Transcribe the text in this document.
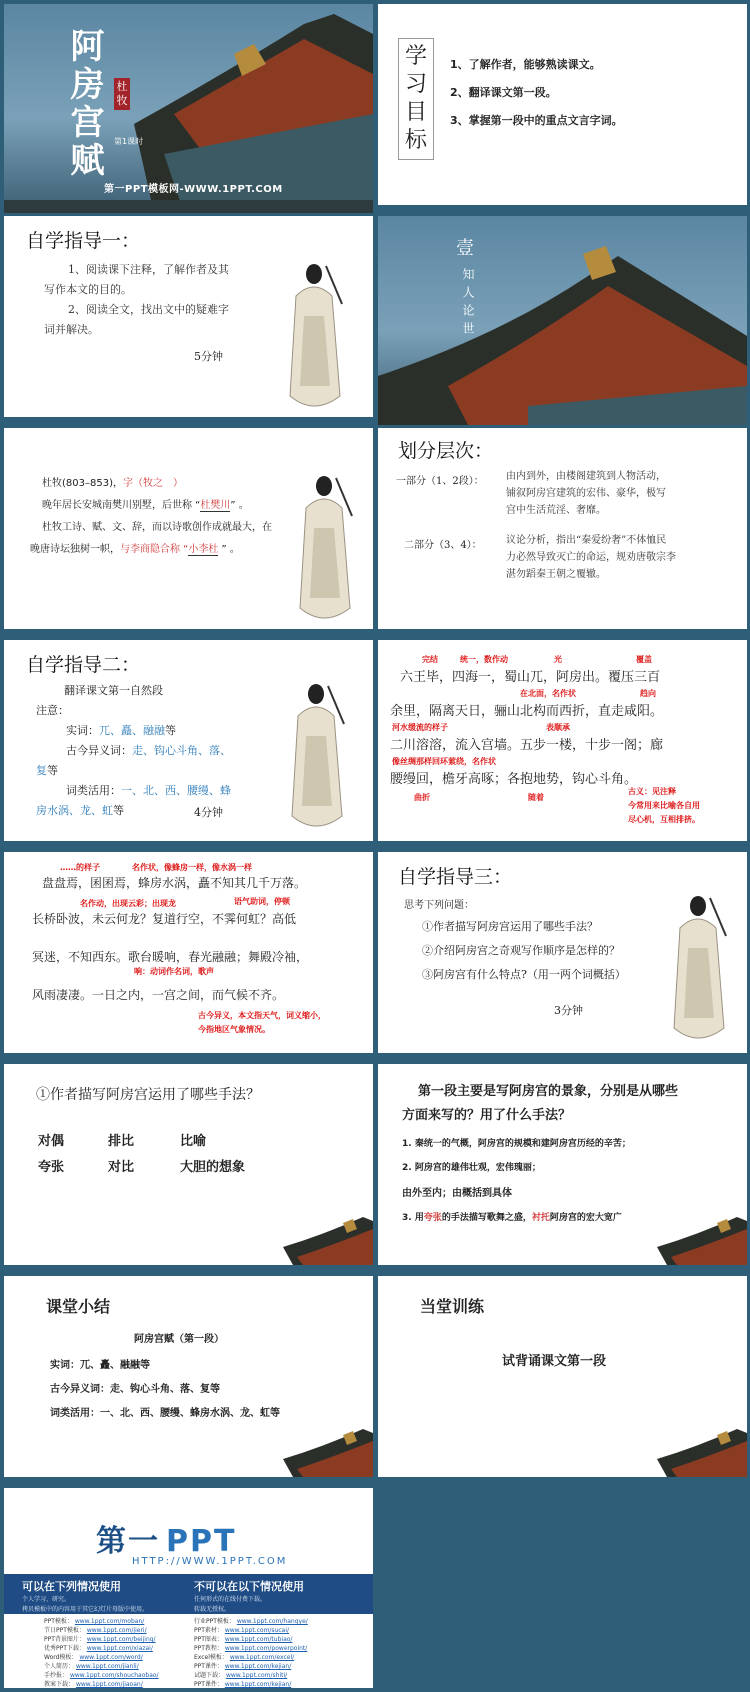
阿房宫赋 杜牧
第1课时
第一PPT模板网-WWW.1PPT.COM
学习目标
1、了解作者，能够熟读课文。
2、翻译课文第一段。
3、掌握第一段中的重点文言字词。
自学指导一：
1、阅读课下注释，了解作者及其
写作本文的目的。
2、阅读全文，找出文中的疑难字
词并解决。
5分钟
壹
知人论世
杜牧(803–853)，字（牧之　）
晚年居长安城南樊川别墅，后世称 “杜樊川” 。
杜牧工诗、赋、文、辞，而以诗歌创作成就最大，在
晚唐诗坛独树一帜，与李商隐合称 “小李杜 ” 。
划分层次：
一部分（1、2段）： 由内到外，由楼阁建筑到人物活动，
铺叙阿房宫建筑的宏伟、豪华，极写
宫中生活荒淫、奢靡。
二部分（3、4）： 议论分析，指出“秦爱纷奢”不体恤民
力必然导致灭亡的命运，规劝唐敬宗李
湛勿蹈秦王朝之覆辙。
自学指导二：
翻译课文第一自然段
注意：
实词：兀、矗、融融等
古今异义词：走、钩心斗角、落、
复等
词类活用：一、北、西、腰缦、蜂
房水涡、龙、虹等	4分钟
完结	统一，数作动	光	覆盖
六王毕，四海一，蜀山兀，阿房出。覆压三百
在北面，名作状	趋向
余里，隔离天日，骊山北构而西折，直走咸阳。
河水缓流的样子	表顺承
二川溶溶，流入宫墙。五步一楼，十步一阁；廊
像丝绸那样回环萦绕，名作状
腰缦回，檐牙高啄；各抱地势，钩心斗角。
曲折	随着
古义：见注释
今常用来比喻各自用
尽心机，互相排挤。
……的样子	名作状，像蜂房一样，像水涡一样
盘盘焉，囷囷焉，蜂房水涡，矗不知其几千万落。
名作动，出现云彩；出现龙	语气助词，停顿
长桥卧波，未云何龙？复道行空，不霁何虹？高低
冥迷，不知西东。歌台暖响，春光融融；舞殿冷袖，
响：动词作名词，歌声
风雨凄凄。一日之内，一宫之间，而气候不齐。
古今异义，本文指天气，词义缩小，
今指地区气象情况。
自学指导三：
思考下列问题：
①作者描写阿房宫运用了哪些手法？
②介绍阿房宫之奇观写作顺序是怎样的？
③阿房宫有什么特点?（用一两个词概括）
3分钟
①作者描写阿房宫运用了哪些手法？
对偶	排比	比喻
夸张	对比	大胆的想象
第一段主要是写阿房宫的景象，分别是从哪些
方面来写的？用了什么手法？
1. 秦统一的气概，阿房宫的规模和建阿房宫历经的辛苦；
2. 阿房宫的雄伟壮观，宏伟瑰丽；
由外至内；由概括到具体
3. 用夸张的手法描写歌舞之盛，衬托阿房宫的宏大宽广
课堂小结
阿房宫赋（第一段）
实词：兀、矗、融融等
古今异义词：走、钩心斗角、落、复等
词类活用：一、北、西、腰缦、蜂房水涡、龙、虹等
当堂训练
试背诵课文第一段
第一 PPT
HTTP://WWW.1PPT.COM
可以在下列情况使用
个人学习、研究。
拷贝模板中的内容用于其它幻灯片母版中使用。
不可以在以下情况使用
任何形式的在线付费下载。
转载无授权。
PPT模板： www.1ppt.com/moban/
节日PPT模板： www.1ppt.com/jieri/
PPT背景图片： www.1ppt.com/beijing/
优秀PPT下载： www.1ppt.com/xiazai/
Word模板： www.1ppt.com/word/
个人简历： www.1ppt.com/jianli/
手抄报： www.1ppt.com/shouchaobao/
教案下载： www.1ppt.com/jiaoan/
行业PPT模板： www.1ppt.com/hangye/
PPT素材： www.1ppt.com/sucai/
PPT图表： www.1ppt.com/tubiao/
PPT教程： www.1ppt.com/powerpoint/
Excel模板： www.1ppt.com/excel/
PPT课件： www.1ppt.com/kejian/
试题下载： www.1ppt.com/shiti/
PPT课件： www.1ppt.com/kejian/
